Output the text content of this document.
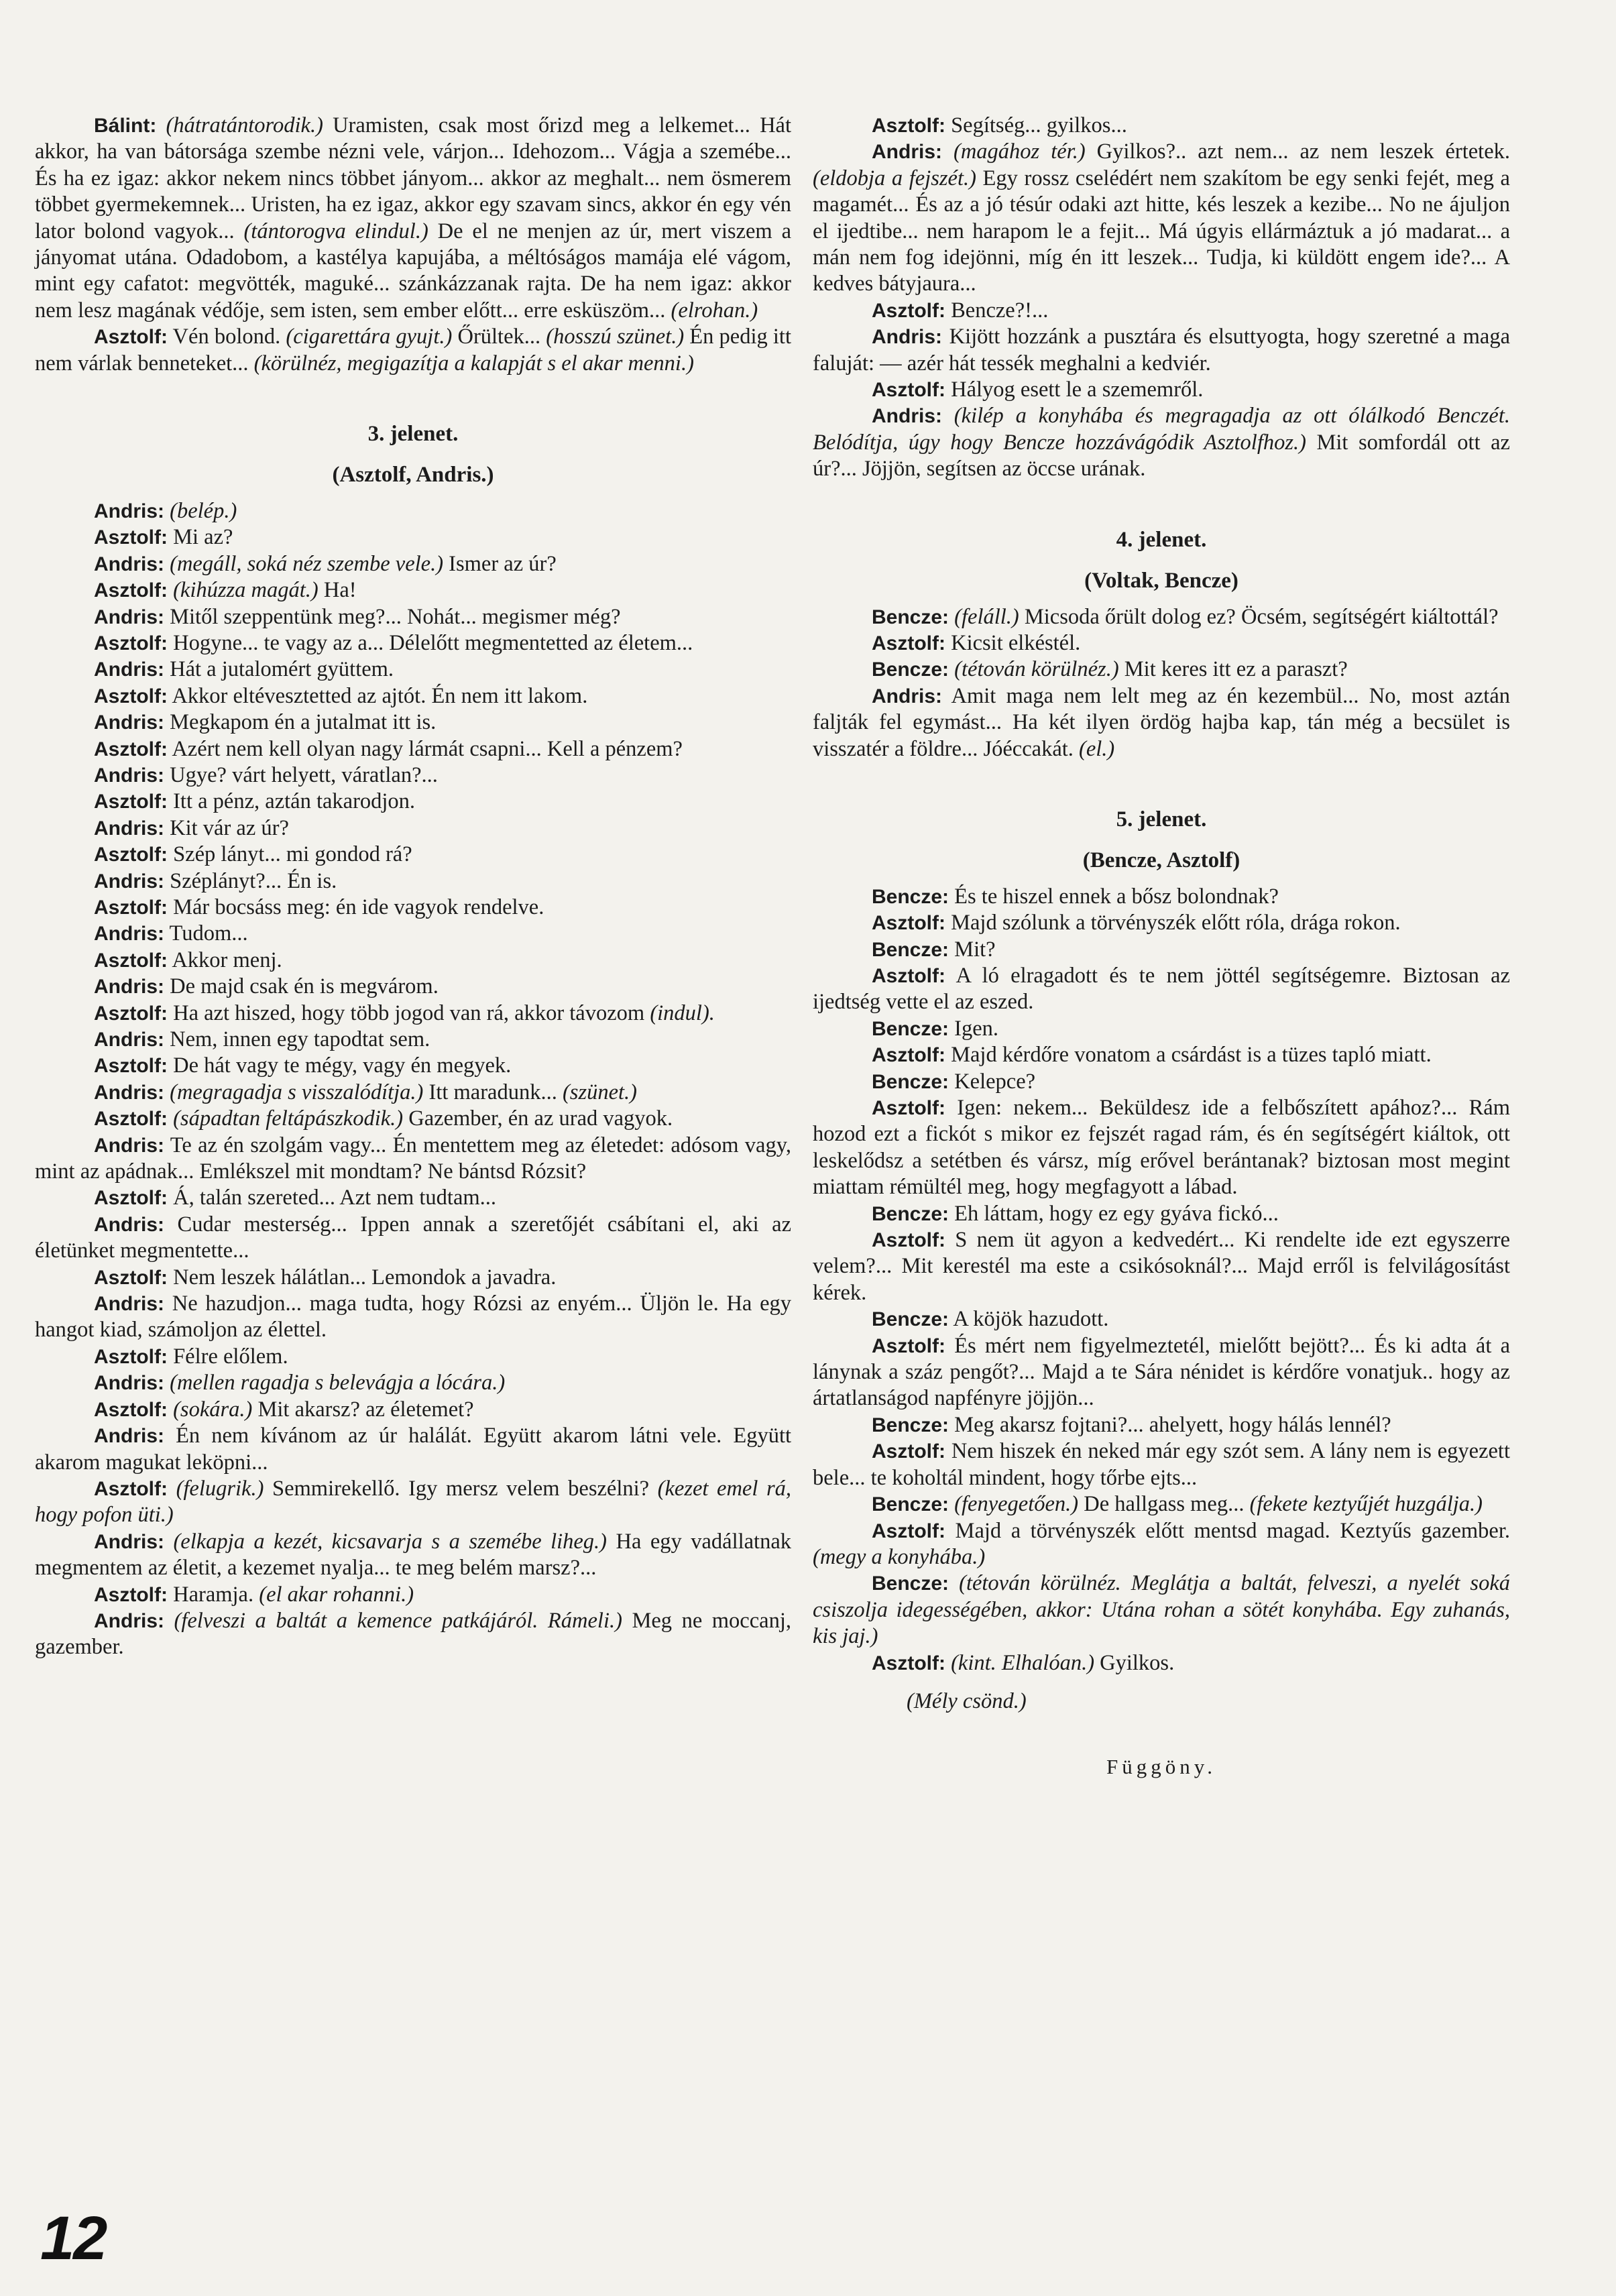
Bálint: (hátratántorodik.) Uramisten, csak most őrizd meg a lelkemet... Hát akkor, ha van bátorsága szembe nézni vele, várjon... Idehozom... Vágja a szemébe... És ha ez igaz: akkor nekem nincs többet jányom... akkor az meghalt... nem ösmerem többet gyermekemnek... Uristen, ha ez igaz, akkor egy szavam sincs, akkor én egy vén lator bolond vagyok... (tántorogva elindul.) De el ne menjen az úr, mert viszem a jányomat utána. Odadobom, a kastélya kapujába, a méltóságos mamája elé vágom, mint egy cafatot: megvötték, maguké... szánkázzanak rajta. De ha nem igaz: akkor nem lesz magának védője, sem isten, sem ember előtt... erre esküszöm... (elrohan.)

Asztolf: Vén bolond. (cigarettára gyujt.) Őrültek... (hosszú szünet.) Én pedig itt nem várlak benneteket... (körülnéz, megigazítja a kalapját s el akar menni.)

3. jelenet.

(Asztolf, Andris.)

Andris: (belép.)

Asztolf: Mi az?

Andris: (megáll, soká néz szembe vele.) Ismer az úr?

Asztolf: (kihúzza magát.) Ha!

Andris: Mitől szeppentünk meg?... Nohát... megismer még?

Asztolf: Hogyne... te vagy az a... Délelőtt megmentetted az életem...

Andris: Hát a jutalomért gyüttem.

Asztolf: Akkor eltévesztetted az ajtót. Én nem itt lakom.

Andris: Megkapom én a jutalmat itt is.

Asztolf: Azért nem kell olyan nagy lármát csapni... Kell a pénzem?

Andris: Ugye? várt helyett, váratlan?...

Asztolf: Itt a pénz, aztán takarodjon.

Andris: Kit vár az úr?

Asztolf: Szép lányt... mi gondod rá?

Andris: Széplányt?... Én is.

Asztolf: Már bocsáss meg: én ide vagyok rendelve.

Andris: Tudom...

Asztolf: Akkor menj.

Andris: De majd csak én is megvárom.

Asztolf: Ha azt hiszed, hogy több jogod van rá, akkor távozom (indul).

Andris: Nem, innen egy tapodtat sem.

Asztolf: De hát vagy te mégy, vagy én megyek.

Andris: (megragadja s visszalódítja.) Itt maradunk... (szünet.)

Asztolf: (sápadtan feltápászkodik.) Gazember, én az urad vagyok.

Andris: Te az én szolgám vagy... Én mentettem meg az életedet: adósom vagy, mint az apádnak... Emlékszel mit mondtam? Ne bántsd Rózsit?

Asztolf: Á, talán szereted... Azt nem tudtam...

Andris: Cudar mesterség... Ippen annak a szeretőjét csábítani el, aki az életünket megmentette...

Asztolf: Nem leszek hálátlan... Lemondok a javadra.

Andris: Ne hazudjon... maga tudta, hogy Rózsi az enyém... Üljön le. Ha egy hangot kiad, számoljon az élettel.

Asztolf: Félre előlem.

Andris: (mellen ragadja s belevágja a lócára.)

Asztolf: (sokára.) Mit akarsz? az életemet?

Andris: Én nem kívánom az úr halálát. Együtt akarom látni vele. Együtt akarom magukat leköpni...

Asztolf: (felugrik.) Semmirekellő. Igy mersz velem beszélni? (kezet emel rá, hogy pofon üti.)

Andris: (elkapja a kezét, kicsavarja s a szemébe liheg.) Ha egy vadállatnak megmentem az életit, a kezemet nyalja... te meg belém marsz?...

Asztolf: Haramja. (el akar rohanni.)

Andris: (felveszi a baltát a kemence patkájáról. Rámeli.) Meg ne moccanj, gazember.

Asztolf: Segítség... gyilkos...

Andris: (magához tér.) Gyilkos?.. azt nem... az nem leszek értetek. (eldobja a fejszét.) Egy rossz cselédért nem szakítom be egy senki fejét, meg a magamét... És az a jó tésúr odaki azt hitte, kés leszek a kezibe... No ne ájuljon el ijedtibe... nem harapom le a fejit... Má úgyis ellármáztuk a jó madarat... a mán nem fog idejönni, míg én itt leszek... Tudja, ki küldött engem ide?... A kedves bátyjaura...

Asztolf: Bencze?!...

Andris: Kijött hozzánk a pusztára és elsuttyogta, hogy szeretné a maga faluját: — azér hát tessék meghalni a kedviér.

Asztolf: Hályog esett le a szememről.

Andris: (kilép a konyhába és megragadja az ott ólálkodó Benczét. Belódítja, úgy hogy Bencze hozzávágódik Asztolfhoz.) Mit somfordál ott az úr?... Jöjjön, segítsen az öccse urának.

4. jelenet.

(Voltak, Bencze)

Bencze: (feláll.) Micsoda őrült dolog ez? Öcsém, segítségért kiáltottál?

Asztolf: Kicsit elkéstél.

Bencze: (tétován körülnéz.) Mit keres itt ez a paraszt?

Andris: Amit maga nem lelt meg az én kezembül... No, most aztán faljták fel egymást... Ha két ilyen ördög hajba kap, tán még a becsület is visszatér a földre... Jóéccakát. (el.)

5. jelenet.

(Bencze, Asztolf)

Bencze: És te hiszel ennek a bősz bolondnak?

Asztolf: Majd szólunk a törvényszék előtt róla, drága rokon.

Bencze: Mit?

Asztolf: A ló elragadott és te nem jöttél segítségemre. Biztosan az ijedtség vette el az eszed.

Bencze: Igen.

Asztolf: Majd kérdőre vonatom a csárdást is a tüzes tapló miatt.

Bencze: Kelepce?

Asztolf: Igen: nekem... Beküldesz ide a felbőszített apához?... Rám hozod ezt a fickót s mikor ez fejszét ragad rám, és én segítségért kiáltok, ott leskelődsz a setétben és vársz, míg erővel berántanak? biztosan most megint miattam rémültél meg, hogy megfagyott a lábad.

Bencze: Eh láttam, hogy ez egy gyáva fickó...

Asztolf: S nem üt agyon a kedvedért... Ki rendelte ide ezt egyszerre velem?... Mit kerestél ma este a csikósoknál?... Majd erről is felvilágosítást kérek.

Bencze: A köjök hazudott.

Asztolf: És mért nem figyelmeztetél, mielőtt bejött?... És ki adta át a lánynak a száz pengőt?... Majd a te Sára nénidet is kérdőre vonatjuk.. hogy az ártatlanságod napfényre jöjjön...

Bencze: Meg akarsz fojtani?... ahelyett, hogy hálás lennél?

Asztolf: Nem hiszek én neked már egy szót sem. A lány nem is egyezett bele... te koholtál mindent, hogy tőrbe ejts...

Bencze: (fenyegetően.) De hallgass meg... (fekete keztyűjét huzgálja.)

Asztolf: Majd a törvényszék előtt mentsd magad. Keztyűs gazember. (megy a konyhába.)

Bencze: (tétován körülnéz. Meglátja a baltát, felveszi, a nyelét soká csiszolja idegességében, akkor: Utána rohan a sötét konyhába. Egy zuhanás, kis jaj.)

Asztolf: (kint. Elhalóan.) Gyilkos.

(Mély csönd.)

Függöny.

12
